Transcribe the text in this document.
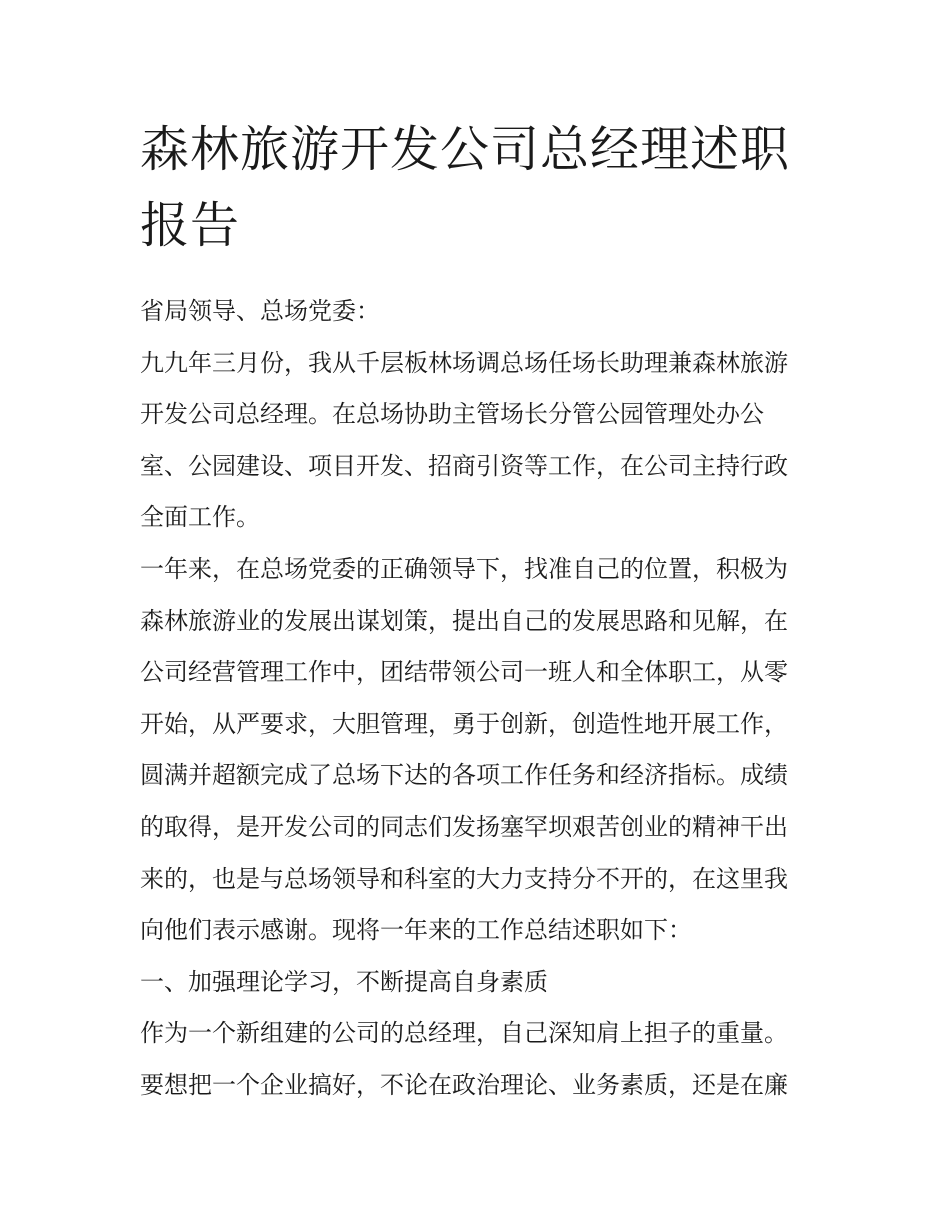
森林旅游开发公司总经理述职
报告

省局领导、总场党委：

九九年三月份，我从千层板林场调总场任场长助理兼森林旅游

开发公司总经理。在总场协助主管场长分管公园管理处办公

室、公园建设、项目开发、招商引资等工作，在公司主持行政

全面工作。

一年来，在总场党委的正确领导下，找准自己的位置，积极为

森林旅游业的发展出谋划策，提出自己的发展思路和见解，在

公司经营管理工作中，团结带领公司一班人和全体职工，从零

开始，从严要求，大胆管理，勇于创新，创造性地开展工作，

圆满并超额完成了总场下达的各项工作任务和经济指标。成绩

的取得，是开发公司的同志们发扬塞罕坝艰苦创业的精神干出

来的，也是与总场领导和科室的大力支持分不开的，在这里我

向他们表示感谢。现将一年来的工作总结述职如下：

一、加强理论学习，不断提高自身素质

作为一个新组建的公司的总经理，自己深知肩上担子的重量。

要想把一个企业搞好，不论在政治理论、业务素质，还是在廉
